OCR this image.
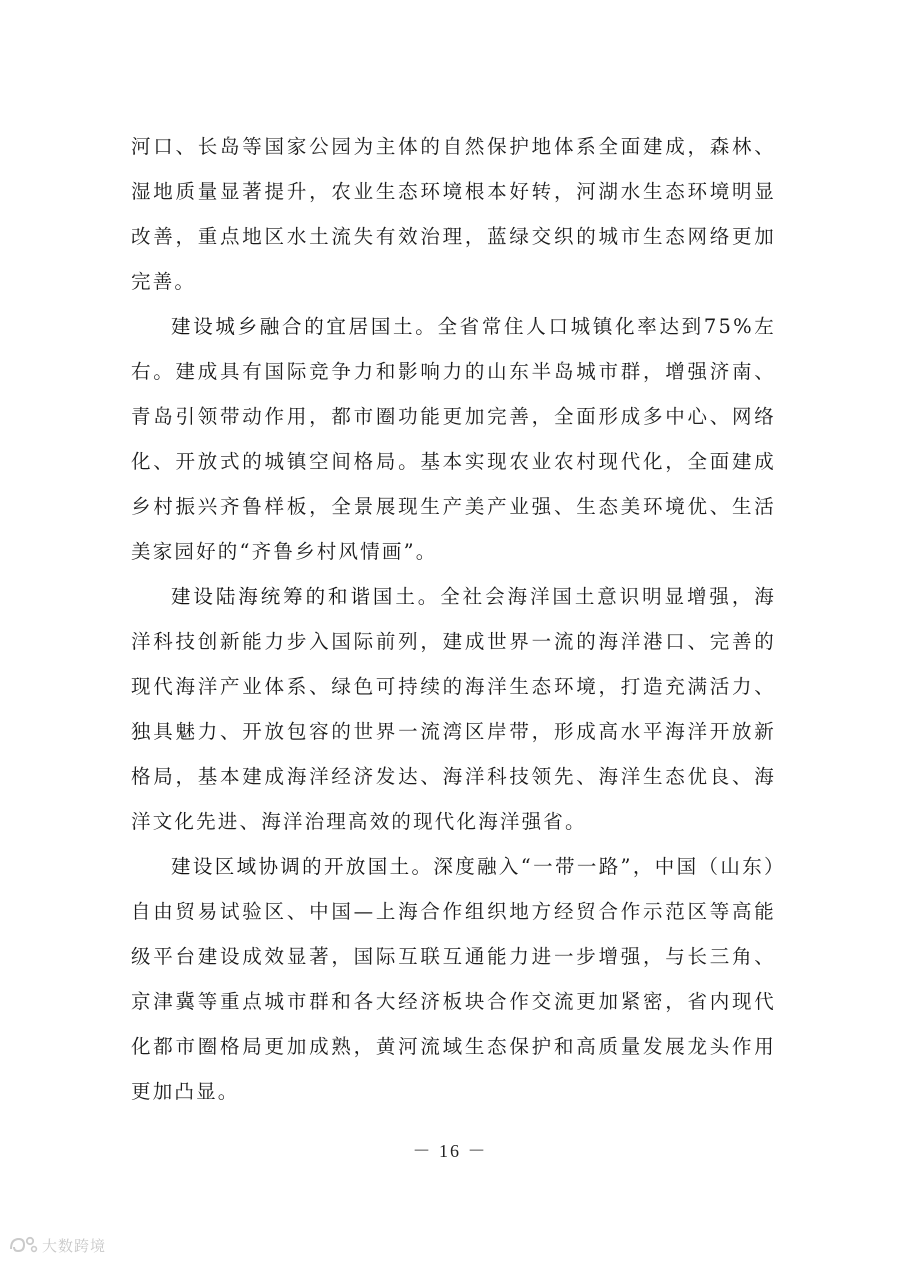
河口、长岛等国家公园为主体的自然保护地体系全面建成，森林、湿地质量显著提升，农业生态环境根本好转，河湖水生态环境明显改善，重点地区水土流失有效治理，蓝绿交织的城市生态网络更加完善。

建设城乡融合的宜居国土。全省常住人口城镇化率达到75%左右。建成具有国际竞争力和影响力的山东半岛城市群，增强济南、青岛引领带动作用，都市圈功能更加完善，全面形成多中心、网络化、开放式的城镇空间格局。基本实现农业农村现代化，全面建成乡村振兴齐鲁样板，全景展现生产美产业强、生态美环境优、生活美家园好的“齐鲁乡村风情画”。

建设陆海统筹的和谐国土。全社会海洋国土意识明显增强，海洋科技创新能力步入国际前列，建成世界一流的海洋港口、完善的现代海洋产业体系、绿色可持续的海洋生态环境，打造充满活力、独具魅力、开放包容的世界一流湾区岸带，形成高水平海洋开放新格局，基本建成海洋经济发达、海洋科技领先、海洋生态优良、海洋文化先进、海洋治理高效的现代化海洋强省。

建设区域协调的开放国土。深度融入“一带一路”，中国（山东）自由贸易试验区、中国—上海合作组织地方经贸合作示范区等高能级平台建设成效显著，国际互联互通能力进一步增强，与长三角、京津冀等重点城市群和各大经济板块合作交流更加紧密，省内现代化都市圈格局更加成熟，黄河流域生态保护和高质量发展龙头作用更加凸显。

－ 16 －
大数跨境
